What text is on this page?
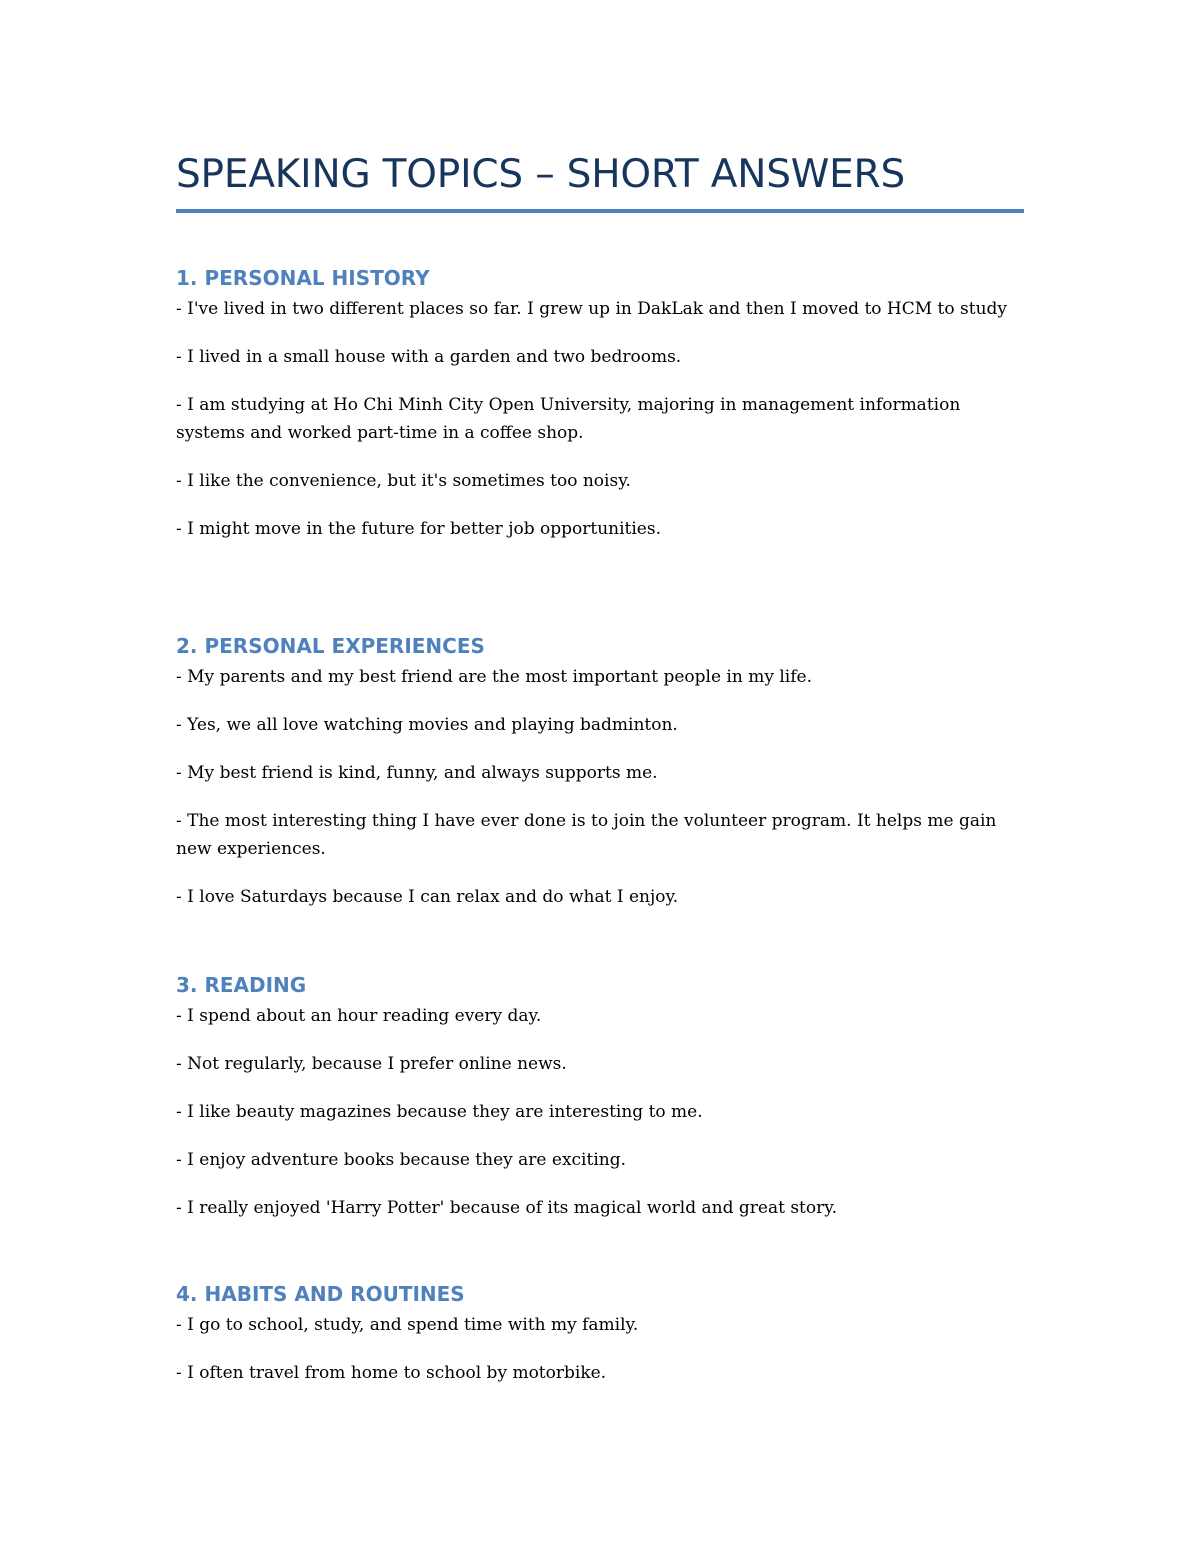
SPEAKING TOPICS – SHORT ANSWERS
1. PERSONAL HISTORY
- I've lived in two different places so far. I grew up in DakLak and then I moved to HCM to study
- I lived in a small house with a garden and two bedrooms.
- I am studying at Ho Chi Minh City Open University, majoring in management information systems and worked part-time in a coffee shop.
- I like the convenience, but it's sometimes too noisy.
- I might move in the future for better job opportunities.
2. PERSONAL EXPERIENCES
- My parents and my best friend are the most important people in my life.
- Yes, we all love watching movies and playing badminton.
- My best friend is kind, funny, and always supports me.
- The most interesting thing I have ever done is to join the volunteer program. It helps me gain new experiences.
- I love Saturdays because I can relax and do what I enjoy.
3. READING
- I spend about an hour reading every day.
- Not regularly, because I prefer online news.
- I like beauty magazines because they are interesting to me.
- I enjoy adventure books because they are exciting.
- I really enjoyed 'Harry Potter' because of its magical world and great story.
4. HABITS AND ROUTINES
- I go to school, study, and spend time with my family.
- I often travel from home to school by motorbike.
